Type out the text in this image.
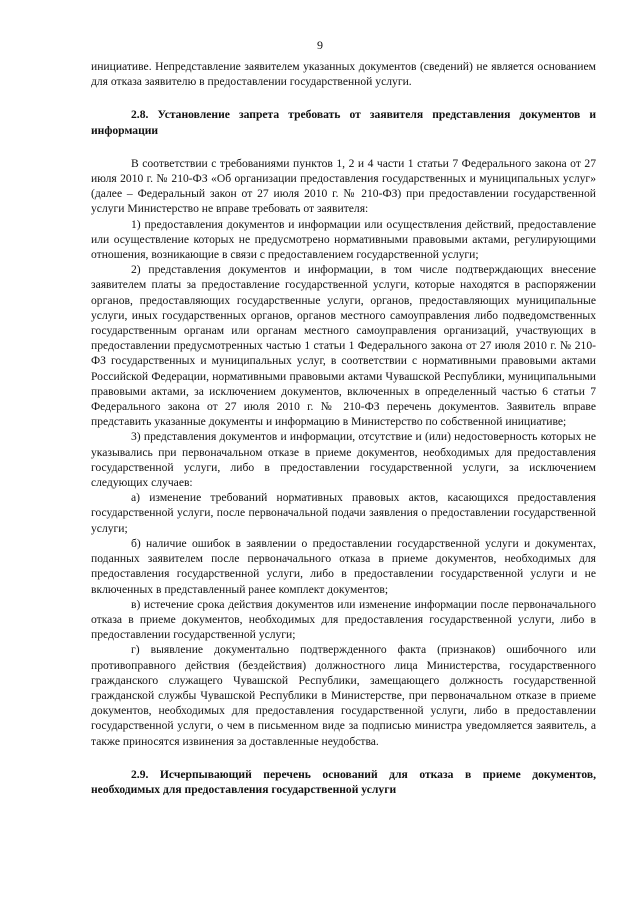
9

инициативе. Непредставление заявителем указанных документов (сведений) не является основанием для отказа заявителю в предоставлении государственной услуги.

2.8. Установление запрета требовать от заявителя представления документов и информации

В соответствии с требованиями пунктов 1, 2 и 4 части 1 статьи 7 Федерального закона от 27 июля 2010 г. № 210-ФЗ «Об организации предоставления государственных и муниципальных услуг» (далее – Федеральный закон от 27 июля 2010 г. № 210-ФЗ) при предоставлении государственной услуги Министерство не вправе требовать от заявителя:

1) предоставления документов и информации или осуществления действий, предоставление или осуществление которых не предусмотрено нормативными правовыми актами, регулирующими отношения, возникающие в связи с предоставлением государственной услуги;

2) представления документов и информации, в том числе подтверждающих внесение заявителем платы за предоставление государственной услуги, которые находятся в распоряжении органов, предоставляющих государственные услуги, органов, предоставляющих муниципальные услуги, иных государственных органов, органов местного самоуправления либо подведомственных государственным органам или органам местного самоуправления организаций, участвующих в предоставлении предусмотренных частью 1 статьи 1 Федерального закона от 27 июля 2010 г. № 210-ФЗ государственных и муниципальных услуг, в соответствии с нормативными правовыми актами Российской Федерации, нормативными правовыми актами Чувашской Республики, муниципальными правовыми актами, за исключением документов, включенных в определенный частью 6 статьи 7 Федерального закона от 27 июля 2010 г. № 210-ФЗ перечень документов. Заявитель вправе представить указанные документы и информацию в Министерство по собственной инициативе;

3) представления документов и информации, отсутствие и (или) недостоверность которых не указывались при первоначальном отказе в приеме документов, необходимых для предоставления государственной услуги, либо в предоставлении государственной услуги, за исключением следующих случаев:

а) изменение требований нормативных правовых актов, касающихся предоставления государственной услуги, после первоначальной подачи заявления о предоставлении государственной услуги;

б) наличие ошибок в заявлении о предоставлении государственной услуги и документах, поданных заявителем после первоначального отказа в приеме документов, необходимых для предоставления государственной услуги, либо в предоставлении государственной услуги и не включенных в представленный ранее комплект документов;

в) истечение срока действия документов или изменение информации после первоначального отказа в приеме документов, необходимых для предоставления государственной услуги, либо в предоставлении государственной услуги;

г) выявление документально подтвержденного факта (признаков) ошибочного или противоправного действия (бездействия) должностного лица Министерства, государственного гражданского служащего Чувашской Республики, замещающего должность государственной гражданской службы Чувашской Республики в Министерстве, при первоначальном отказе в приеме документов, необходимых для предоставления государственной услуги, либо в предоставлении государственной услуги, о чем в письменном виде за подписью министра уведомляется заявитель, а также приносятся извинения за доставленные неудобства.

2.9. Исчерпывающий перечень оснований для отказа в приеме документов, необходимых для предоставления государственной услуги
